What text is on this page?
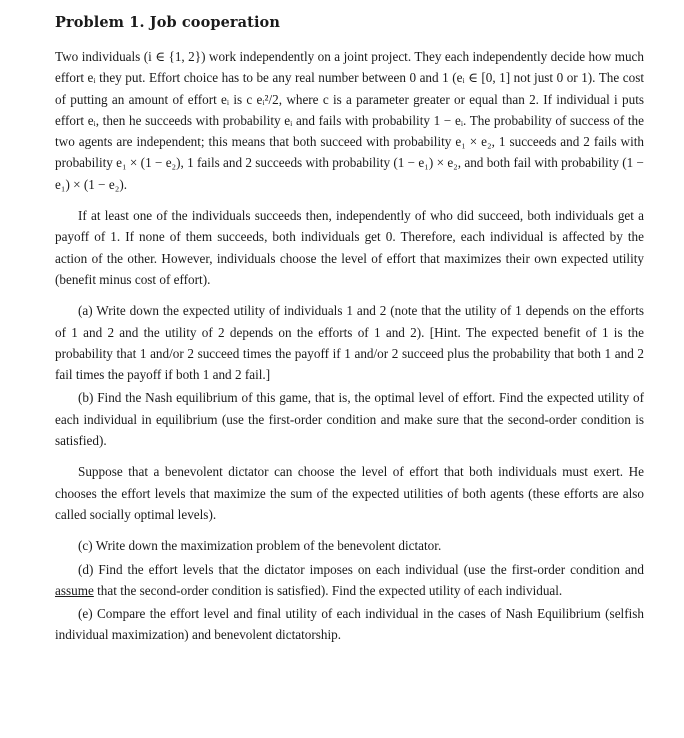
Problem 1. Job cooperation

Two individuals (i ∈ {1, 2}) work independently on a joint project. They each independently decide how much effort eᵢ they put. Effort choice has to be any real number between 0 and 1 (eᵢ ∈ [0, 1] not just 0 or 1). The cost of putting an amount of effort eᵢ is c eᵢ²/2, where c is a parameter greater or equal than 2. If individual i puts effort eᵢ, then he succeeds with probability eᵢ and fails with probability 1 − eᵢ. The probability of success of the two agents are independent; this means that both succeed with probability e₁ × e₂, 1 succeeds and 2 fails with probability e₁ × (1 − e₂), 1 fails and 2 succeeds with probability (1 − e₁) × e₂, and both fail with probability (1 − e₁) × (1 − e₂).

If at least one of the individuals succeeds then, independently of who did succeed, both individuals get a payoff of 1. If none of them succeeds, both individuals get 0. Therefore, each individual is affected by the action of the other. However, individuals choose the level of effort that maximizes their own expected utility (benefit minus cost of effort).

(a) Write down the expected utility of individuals 1 and 2 (note that the utility of 1 depends on the efforts of 1 and 2 and the utility of 2 depends on the efforts of 1 and 2). [Hint. The expected benefit of 1 is the probability that 1 and/or 2 succeed times the payoff if 1 and/or 2 succeed plus the probability that both 1 and 2 fail times the payoff if both 1 and 2 fail.]

(b) Find the Nash equilibrium of this game, that is, the optimal level of effort. Find the expected utility of each individual in equilibrium (use the first-order condition and make sure that the second-order condition is satisfied).

Suppose that a benevolent dictator can choose the level of effort that both individuals must exert. He chooses the effort levels that maximize the sum of the expected utilities of both agents (these efforts are also called socially optimal levels).

(c) Write down the maximization problem of the benevolent dictator.

(d) Find the effort levels that the dictator imposes on each individual (use the first-order condition and assume that the second-order condition is satisfied). Find the expected utility of each individual.

(e) Compare the effort level and final utility of each individual in the cases of Nash Equilibrium (selfish individual maximization) and benevolent dictatorship.
